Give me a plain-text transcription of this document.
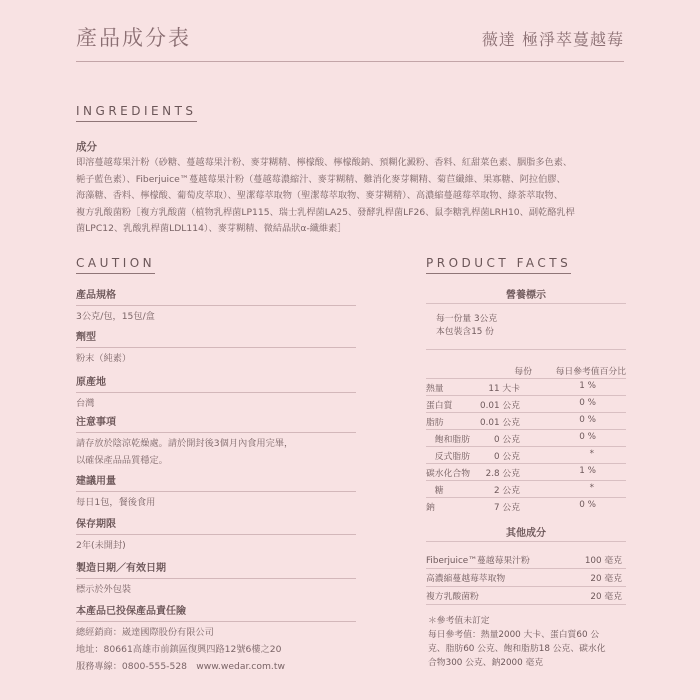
產品成分表	薇達 極淨萃蔓越莓
INGREDIENTS
成分
即溶蔓越莓果汁粉（砂糖、蔓越莓果汁粉、麥芽糊精、檸檬酸、檸檬酸鈉、預糊化澱粉、香料、紅甜菜色素、胭脂多色素、
梔子藍色素）、Fiberjuice™蔓越莓果汁粉（蔓越莓濃縮汁、麥芽糊精、難消化麥芽糊精、菊苣纖維、果寡糖、阿拉伯膠、
海藻糖、香料、檸檬酸、葡萄皮萃取）、聖潔莓萃取物（聖潔莓萃取物、麥芽糊精）、高濃縮蔓越莓萃取物、綠茶萃取物、
複方乳酸菌粉［複方乳酸菌（植物乳桿菌LP115、瑞士乳桿菌LA25、發酵乳桿菌LF26、鼠李糖乳桿菌LRH10、副乾酪乳桿
菌LPC12、乳酸乳桿菌LDL114）、麥芽糊精、微結晶狀α-纖維素］
CAUTION
產品規格
3公克/包，15包/盒
劑型
粉末（純素）
原產地
台灣
注意事項
請存放於陰涼乾燥處。請於開封後3個月內食用完畢，
以確保產品品質穩定。
建議用量
每日1包，餐後食用
保存期限
2年(未開封)
製造日期／有效日期
標示於外包裝
本產品已投保產品責任險
總經銷商：崴達國際股份有限公司
地址：80661高雄市前鎮區復興四路12號6樓之20
服務專線：0800-555-528　www.wedar.com.tw
PRODUCT FACTS
營養標示
每一份量 3公克
本包裝含15 份
每份	每日參考值百分比
熱量	11 大卡	1 %
蛋白質	0.01 公克	0 %
脂肪	0.01 公克	0 %
　飽和脂肪	0 公克	0 %
　反式脂肪	0 公克	*
碳水化合物 2.8 公克	1 %
　糖	2 公克	*
鈉	7 公克	0 %
其他成分
Fiberjuice™蔓越莓果汁粉	100 毫克
高濃縮蔓越莓萃取物	20 毫克
複方乳酸菌粉	20 毫克
＊參考值未訂定
每日參考值：熱量2000 大卡、蛋白質60 公
克、脂肪60 公克、飽和脂肪18 公克、碳水化
合物300 公克、鈉2000 毫克
